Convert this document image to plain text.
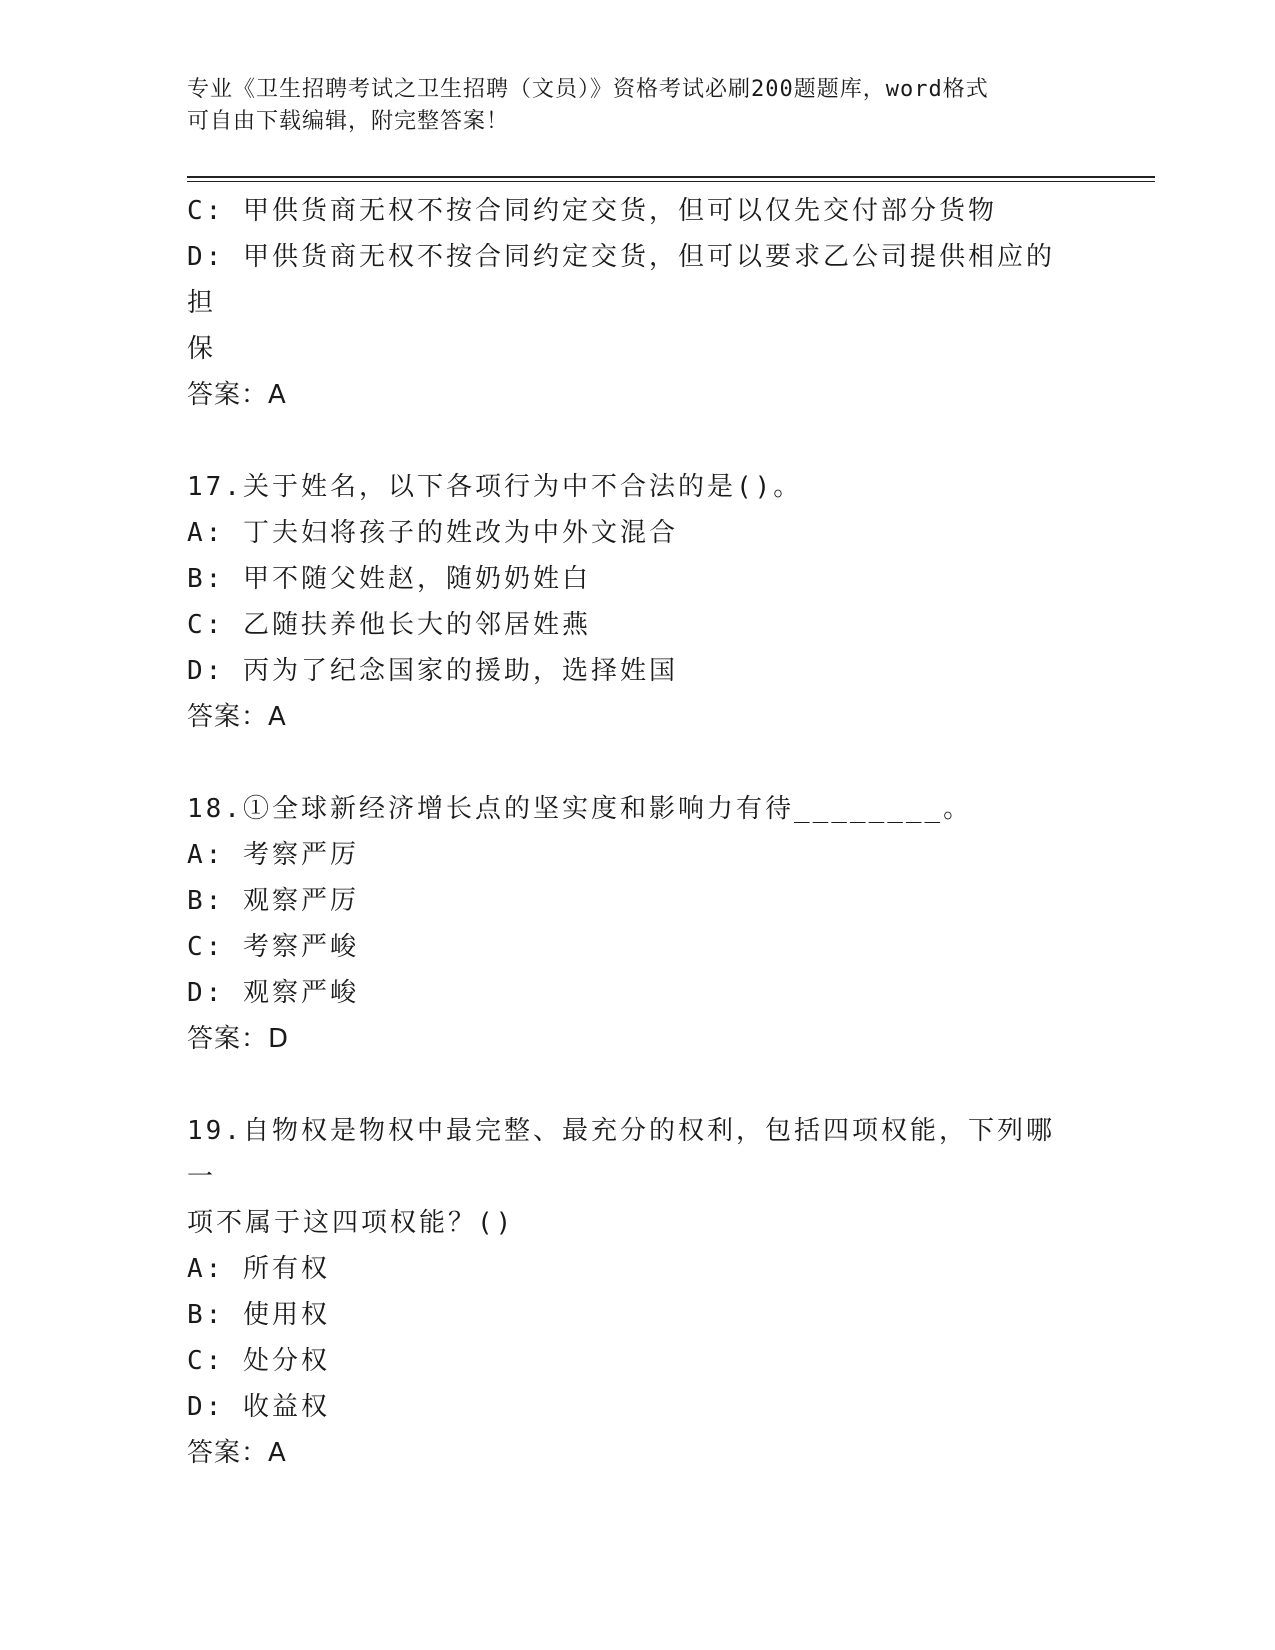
专业《卫生招聘考试之卫生招聘（文员）》资格考试必刷200题题库，word格式
可自由下载编辑，附完整答案！
C: 甲供货商无权不按合同约定交货，但可以仅先交付部分货物
D: 甲供货商无权不按合同约定交货，但可以要求乙公司提供相应的担
保
答案：A
17.关于姓名，以下各项行为中不合法的是()。
A: 丁夫妇将孩子的姓改为中外文混合
B: 甲不随父姓赵，随奶奶姓白
C: 乙随扶养他长大的邻居姓燕
D: 丙为了纪念国家的援助，选择姓国
答案：A
18.①全球新经济增长点的坚实度和影响力有待________。
A: 考察严厉
B: 观察严厉
C: 考察严峻
D: 观察严峻
答案：D
19.自物权是物权中最完整、最充分的权利，包括四项权能，下列哪一
项不属于这四项权能？()
A: 所有权
B: 使用权
C: 处分权
D: 收益权
答案：A
